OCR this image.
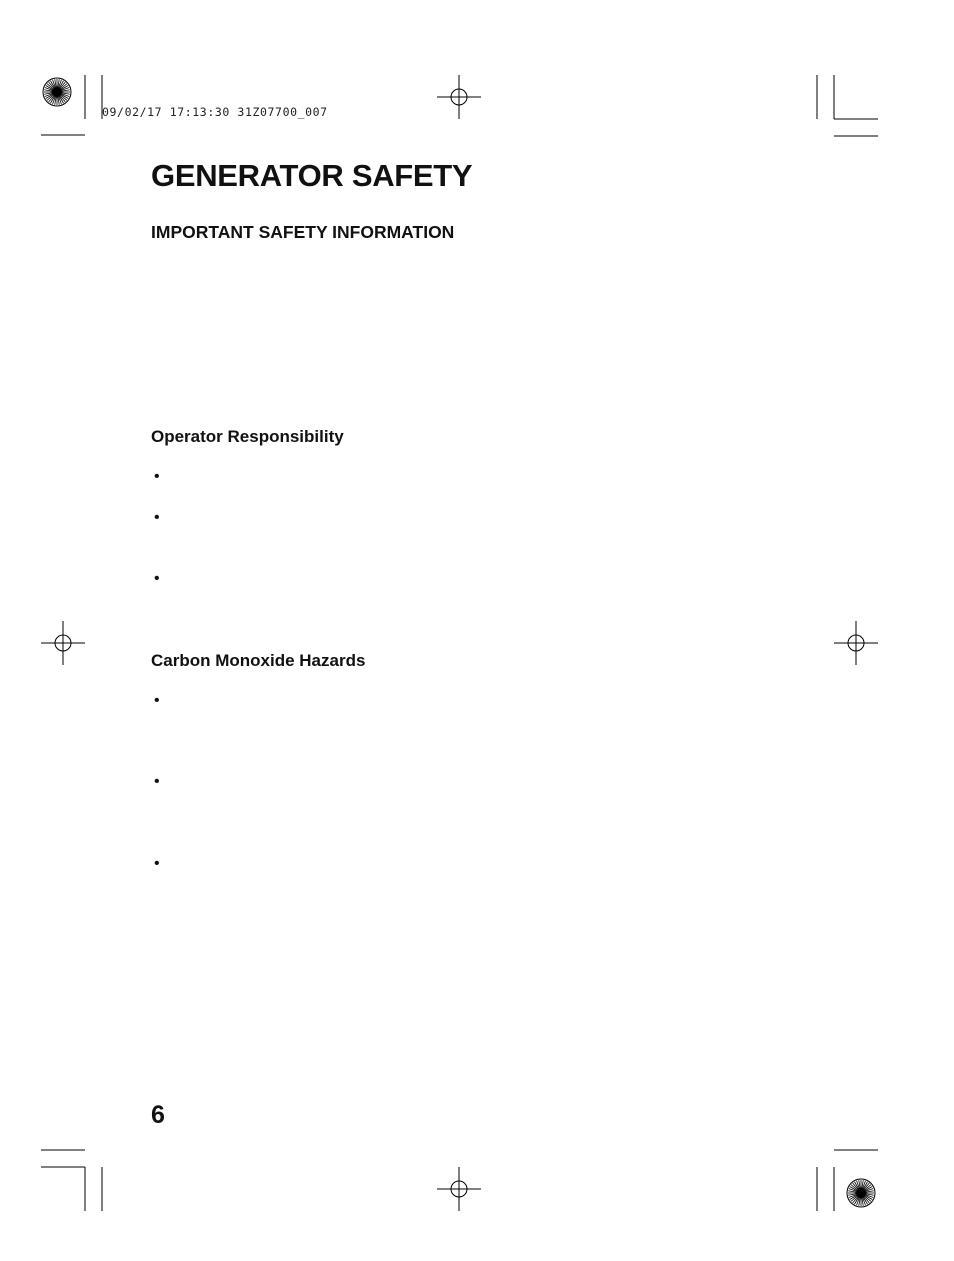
09/02/17 17:13:30 31Z07700_007
GENERATOR SAFETY
IMPORTANT SAFETY INFORMATION
Operator Responsibility
•
•
•
Carbon Monoxide Hazards
•
•
•
6
